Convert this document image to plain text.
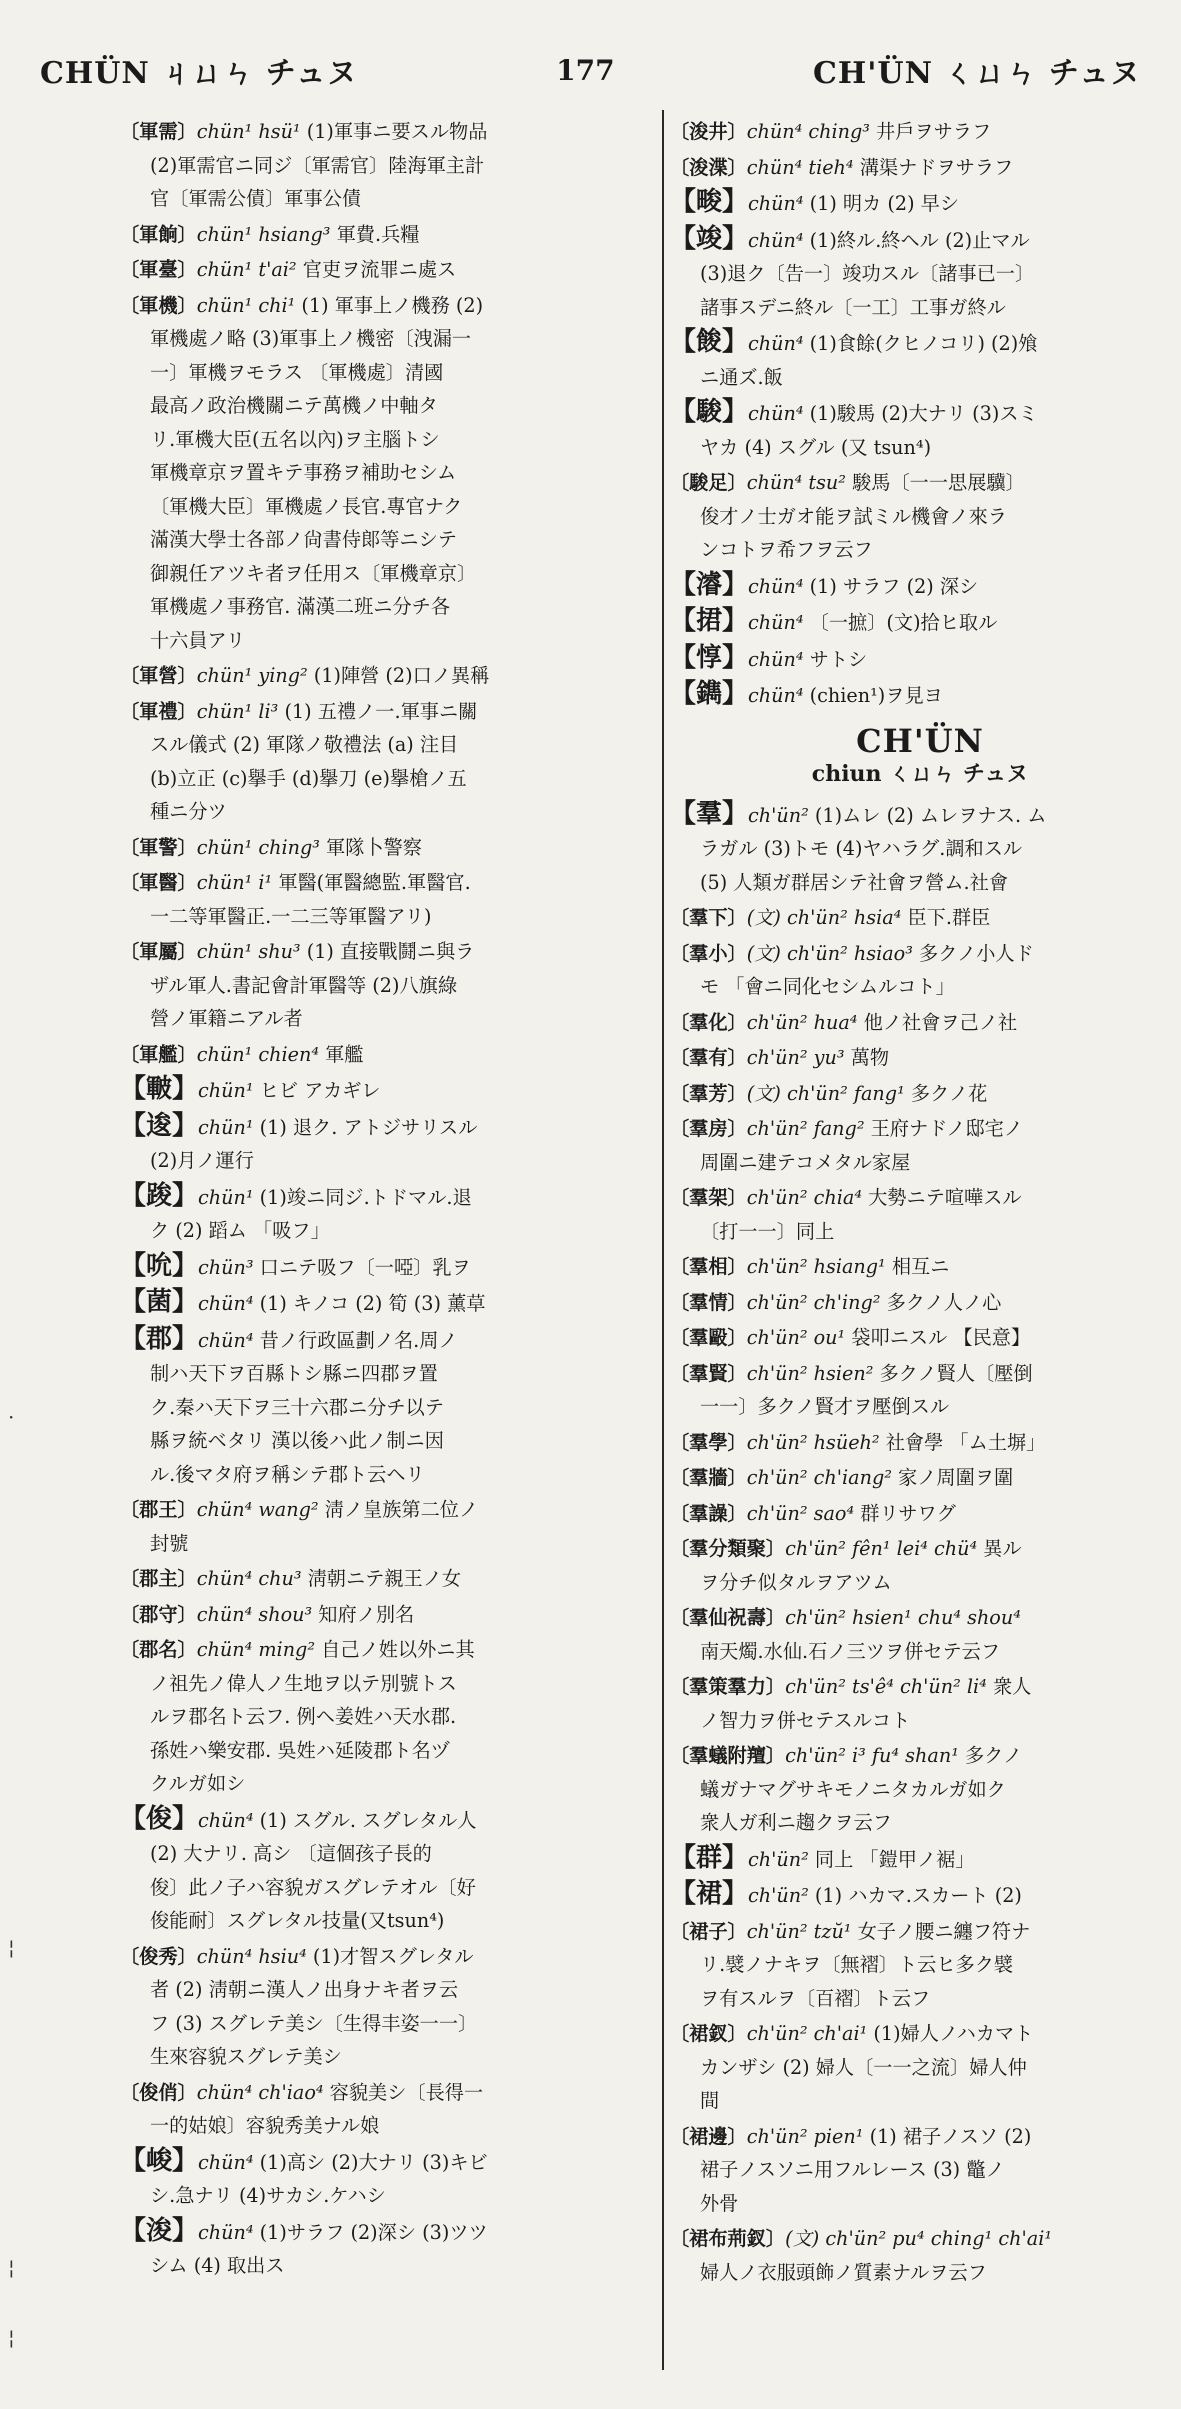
CHÜN ㄐㄩㄣ チュヌ	177	CH'ÜN ㄑㄩㄣ チュヌ
·
¦
¦
¦
〔軍需〕chün¹ hsü¹ (1)軍事ニ要スル物品
(2)軍需官ニ同ジ〔軍需官〕陸海軍主計
官〔軍需公債〕軍事公債
〔軍餉〕chün¹ hsiang³ 軍費.兵糧
〔軍臺〕chün¹ t'ai² 官吏ヲ流罪ニ處ス
〔軍機〕chün¹ chi¹ (1) 軍事上ノ機務 (2)
軍機處ノ略 (3)軍事上ノ機密〔洩漏一
一〕軍機ヲモラス 〔軍機處〕清國
最高ノ政治機關ニテ萬機ノ中軸タ
リ.軍機大臣(五名以內)ヲ主腦トシ
軍機章京ヲ置キテ事務ヲ補助セシム
〔軍機大臣〕軍機處ノ長官.專官ナク
滿漢大學士各部ノ尙書侍郞等ニシテ
御親任アツキ者ヲ任用ス〔軍機章京〕
軍機處ノ事務官. 滿漢二班ニ分チ各
十六員アリ
〔軍營〕chün¹ ying² (1)陣營 (2)口ノ異稱
〔軍禮〕chün¹ li³ (1) 五禮ノ一.軍事ニ關
スル儀式 (2) 軍隊ノ敬禮法 (a) 注目
(b)立正 (c)擧手 (d)擧刀 (e)擧槍ノ五
種ニ分ツ
〔軍警〕chün¹ ching³ 軍隊卜警察
〔軍醫〕chün¹ i¹ 軍醫(軍醫總監.軍醫官.
一二等軍醫正.一二三等軍醫アリ)
〔軍屬〕chün¹ shu³ (1) 直接戰鬪ニ與ラ
ザル軍人.書記會計軍醫等 (2)八旗綠
營ノ軍籍ニアル者
〔軍艦〕chün¹ chien⁴ 軍艦
【皸】chün¹ ヒビ アカギレ
【逡】chün¹ (1) 退ク. アトジサリスル
(2)月ノ運行
【踆】chün¹ (1)竣ニ同ジ.トドマル.退
ク (2) 蹈ム 「吸フ」
【吮】chün³ 口ニテ吸フ〔一啞〕乳ヲ
【菌】chün⁴ (1) キノコ (2) 筍 (3) 薰草
【郡】chün⁴ 昔ノ行政區劃ノ名.周ノ
制ハ天下ヲ百縣トシ縣ニ四郡ヲ置
ク.秦ハ天下ヲ三十六郡ニ分チ以テ
縣ヲ統ベタリ 漢以後ハ此ノ制ニ因
ル.後マタ府ヲ稱シテ郡ト云ヘリ
〔郡王〕chün⁴ wang² 淸ノ皇族第二位ノ
封號
〔郡主〕chün⁴ chu³ 淸朝ニテ親王ノ女
〔郡守〕chün⁴ shou³ 知府ノ別名
〔郡名〕chün⁴ ming² 自己ノ姓以外ニ其
ノ祖先ノ偉人ノ生地ヲ以テ別號トス
ルヲ郡名ト云フ. 例ヘ姜姓ハ天水郡.
孫姓ハ樂安郡. 吳姓ハ延陵郡ト名ヅ
クルガ如シ
【俊】chün⁴ (1) スグル. スグレタル人
(2) 大ナリ. 高シ 〔這個孩子長的
俊〕此ノ子ハ容貌ガスグレテオル〔好
俊能耐〕スグレタル技量(又tsun⁴)
〔俊秀〕chün⁴ hsiu⁴ (1)才智スグレタル
者 (2) 淸朝ニ漢人ノ出身ナキ者ヲ云
フ (3) スグレテ美シ〔生得丰姿一一〕
生來容貌スグレテ美シ
〔俊俏〕chün⁴ ch'iao⁴ 容貌美シ〔長得一
一的姑娘〕容貌秀美ナル娘
【峻】chün⁴ (1)高シ (2)大ナリ (3)キビ
シ.急ナリ (4)サカシ.ケハシ
【浚】chün⁴ (1)サラフ (2)深シ (3)ツツ
シム (4) 取出ス
〔浚井〕chün⁴ ching³ 井戶ヲサラフ
〔浚渫〕chün⁴ tieh⁴ 溝渠ナドヲサラフ
【畯】chün⁴ (1) 明カ (2) 早シ
【竣】chün⁴ (1)終ル.終ヘル (2)止マル
(3)退ク〔告一〕竣功スル〔諸事已一〕
諸事スデニ終ル〔一工〕工事ガ終ル
【餕】chün⁴ (1)食餘(クヒノコリ) (2)飧
ニ通ズ.飯
【駿】chün⁴ (1)駿馬 (2)大ナリ (3)スミ
ヤカ (4) スグル (又 tsun⁴)
〔駿足〕chün⁴ tsu² 駿馬〔一一思展驥〕
俊才ノ士ガオ能ヲ試ミル機會ノ來ラ
ンコトヲ希フヲ云フ
【濬】chün⁴ (1) サラフ (2) 深シ
【捃】chün⁴ 〔一摭〕(文)拾ヒ取ル
【惇】chün⁴ サトシ
【鐫】chün⁴ (chien¹)ヲ見ヨ
CH'ÜN
chiun ㄑㄩㄣ チュヌ
【羣】ch'ün² (1)ムレ (2) ムレヲナス. ム
ラガル (3)トモ (4)ヤハラグ.調和スル
(5) 人類ガ群居シテ社會ヲ營ム.社會
〔羣下〕(文) ch'ün² hsia⁴ 臣下.群臣
〔羣小〕(文) ch'ün² hsiao³ 多クノ小人ド
モ 「會ニ同化セシムルコト」
〔羣化〕ch'ün² hua⁴ 他ノ社會ヲ己ノ社
〔羣有〕ch'ün² yu³ 萬物
〔羣芳〕(文) ch'ün² fang¹ 多クノ花
〔羣房〕ch'ün² fang² 王府ナドノ邸宅ノ
周圍ニ建テコメタル家屋
〔羣架〕ch'ün² chia⁴ 大勢ニテ喧嘩スル
〔打一一〕同上
〔羣相〕ch'ün² hsiang¹ 相互ニ
〔羣情〕ch'ün² ch'ing² 多クノ人ノ心
〔羣毆〕ch'ün² ou¹ 袋叩ニスル 【民意】
〔羣賢〕ch'ün² hsien² 多クノ賢人〔壓倒
一一〕多クノ賢才ヲ壓倒スル
〔羣學〕ch'ün² hsüeh² 社會學 「ム土塀」
〔羣牆〕ch'ün² ch'iang² 家ノ周圍ヲ圍
〔羣譟〕ch'ün² sao⁴ 群リサワグ
〔羣分類聚〕ch'ün² fên¹ lei⁴ chü⁴ 異ル
ヲ分チ似タルヲアツム
〔羣仙祝壽〕ch'ün² hsien¹ chu⁴ shou⁴
南天燭.水仙.石ノ三ツヲ併セテ云フ
〔羣策羣力〕ch'ün² ts'ê⁴ ch'ün² li⁴ 衆人
ノ智力ヲ併セテスルコト
〔羣蟻附羶〕ch'ün² i³ fu⁴ shan¹ 多クノ
蟻ガナマグサキモノニタカルガ如ク
衆人ガ利ニ趨クヲ云フ
【群】ch'ün² 同上 「鎧甲ノ裾」
【裙】ch'ün² (1) ハカマ.スカート (2)
〔裙子〕ch'ün² tzŭ¹ 女子ノ腰ニ纏フ符ナ
リ.襞ノナキヲ〔無褶〕ト云ヒ多ク襞
ヲ有スルヲ〔百褶〕ト云フ
〔裙釵〕ch'ün² ch'ai¹ (1)婦人ノハカマト
カンザシ (2) 婦人〔一一之流〕婦人仲
間
〔裙邊〕ch'ün² pien¹ (1) 裙子ノスソ (2)
裙子ノスソニ用フルレース (3) 鼈ノ
外骨
〔裙布荊釵〕(文) ch'ün² pu⁴ ching¹ ch'ai¹
婦人ノ衣服頭飾ノ質素ナルヲ云フ
